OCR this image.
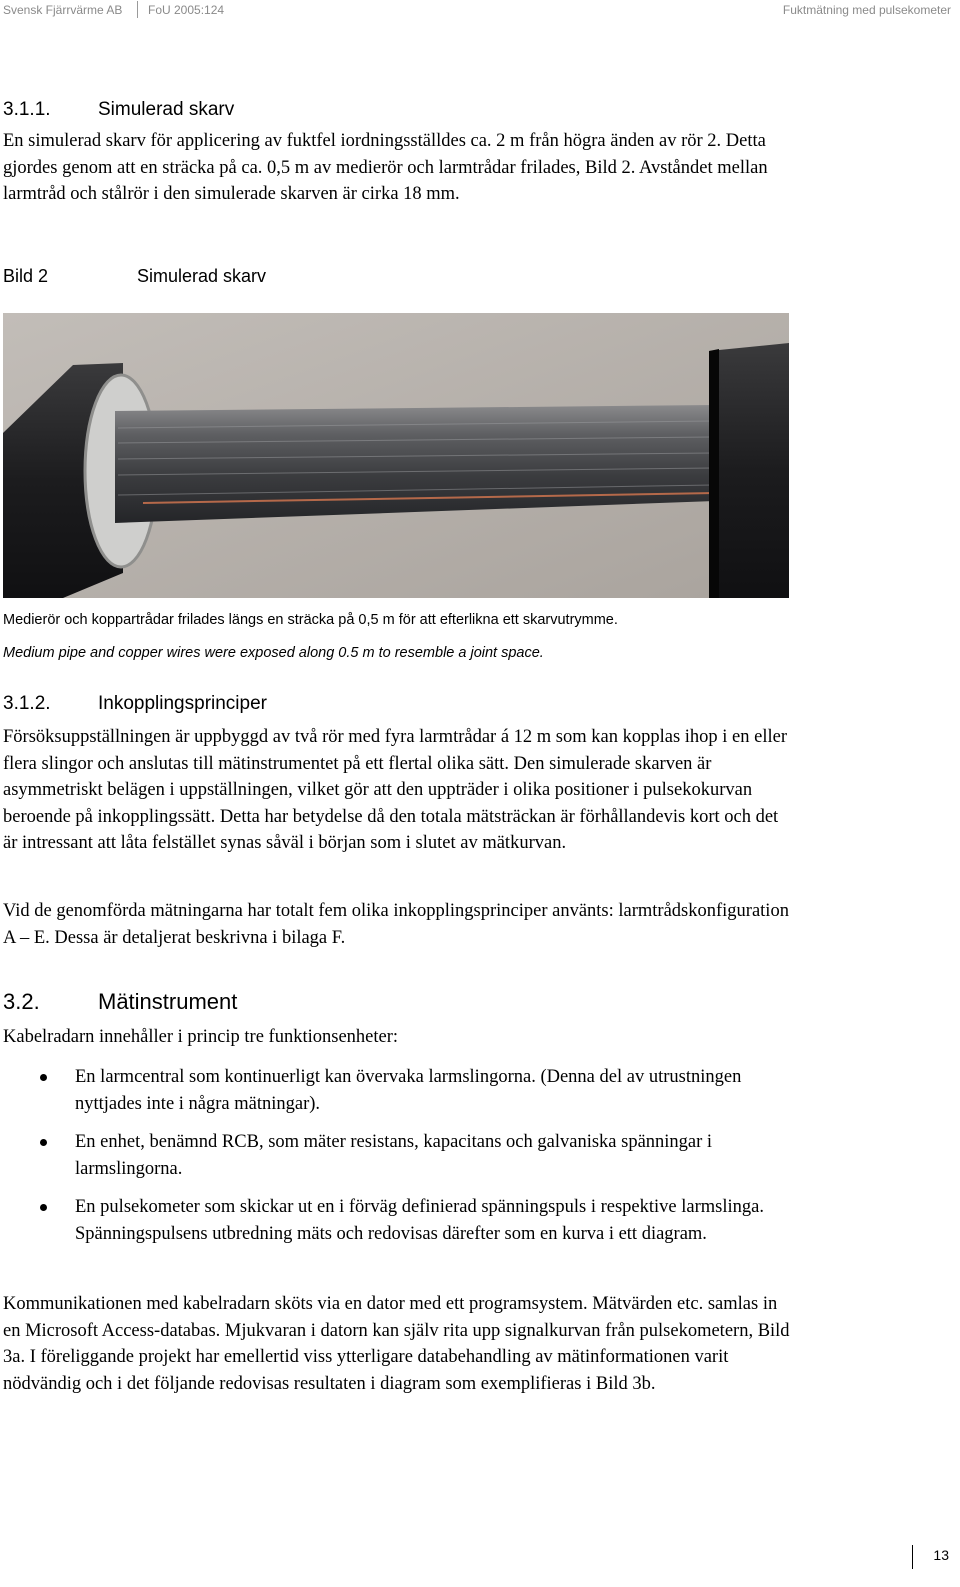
Svensk Fjärrvärme AB FoU 2005:124	Fuktmätning med pulsekometer
3.1.1. Simulerad skarv
En simulerad skarv för applicering av fuktfel iordningsställdes ca. 2 m från högra änden av rör 2. Detta gjordes genom att en sträcka på ca. 0,5 m av medierör och larmtrådar frilades, Bild 2. Avståndet mellan larmtråd och stålrör i den simulerade skarven är cirka 18 mm.
Bild 2	Simulerad skarv
Medierör och koppartrådar frilades längs en sträcka på 0,5 m för att efterlikna ett skarvutrymme.
Medium pipe and copper wires were exposed along 0.5 m to resemble a joint space.
3.1.2. Inkopplingsprinciper
Försöksuppställningen är uppbyggd av två rör med fyra larmtrådar á 12 m som kan kopplas ihop i en eller flera slingor och anslutas till mätinstrumentet på ett flertal olika sätt. Den simulerade skarven är asymmetriskt belägen i uppställningen, vilket gör att den uppträder i olika positioner i pulsekokurvan beroende på inkopplingssätt. Detta har betydelse då den totala mätsträckan är förhållandevis kort och det är intressant att låta felstället synas såväl i början som i slutet av mätkurvan.
Vid de genomförda mätningarna har totalt fem olika inkopplingsprinciper använts: larmtrådskonfiguration A – E. Dessa är detaljerat beskrivna i bilaga F.
3.2.	Mätinstrument
Kabelradarn innehåller i princip tre funktionsenheter:
En larmcentral som kontinuerligt kan övervaka larmslingorna. (Denna del av utrustningen nyttjades inte i några mätningar).
En enhet, benämnd RCB, som mäter resistans, kapacitans och galvaniska spänningar i larmslingorna.
En pulsekometer som skickar ut en i förväg definierad spänningspuls i respektive larmslinga. Spänningspulsens utbredning mäts och redovisas därefter som en kurva i ett diagram.
Kommunikationen med kabelradarn sköts via en dator med ett programsystem. Mätvärden etc. samlas in en Microsoft Access-databas. Mjukvaran i datorn kan själv rita upp signalkurvan från pulsekometern, Bild 3a. I föreliggande projekt har emellertid viss ytterligare databehandling av mätinformationen varit nödvändig och i det följande redovisas resultaten i diagram som exemplifieras i Bild 3b.
13
